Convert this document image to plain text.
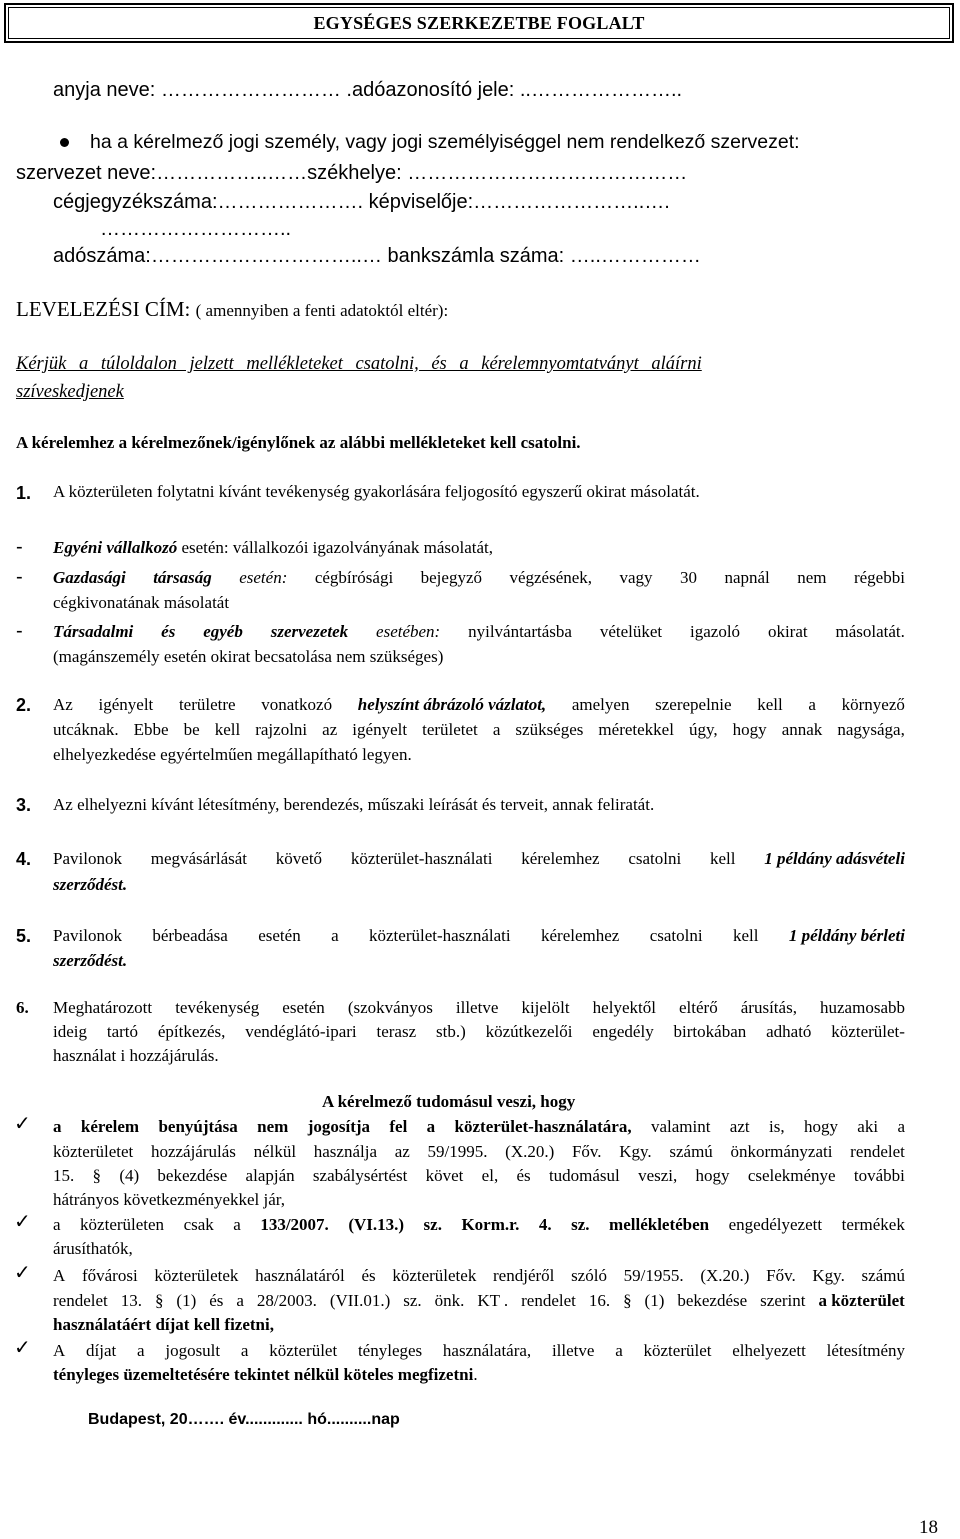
EGYSÉGES SZERKEZETBE FOGLALT
anyja neve: ……………………… .adóazonosító jele: ..…………………..
ha a kérelmező jogi személy, vagy jogi személyiséggel nem rendelkező szervezet:
szervezet neve:……………..……székhelye: ……………………………………
cégjegyzékszáma:…………………. képviselője:……………………..….
………………………..
adószáma:…………………………..… bankszámla száma: …..……………
LEVELEZÉSI CÍM: ( amennyiben a fenti adatoktól eltér):
Kérjük a túloldalon jelzett mellékleteket csatolni, és a kérelemnyomtatványt aláírni
szíveskedjenek
A kérelemhez a kérelmezőnek/igénylőnek az alábbi mellékleteket kell csatolni.
1. A közterületen folytatni kívánt tevékenység gyakorlására feljogosító egyszerű okirat másolatát.
- Egyéni vállalkozó esetén: vállalkozói igazolványának másolatát,
- Gazdasági társaság esetén: cégbírósági bejegyző végzésének, vagy 30 napnál nem régebbi
cégkivonatának másolatát
- Társadalmi és egyéb szervezetek esetében: nyilvántartásba vételüket igazoló okirat másolatát.
(magánszemély esetén okirat becsatolása nem szükséges)
2. Az igényelt területre vonatkozó helyszínt ábrázoló vázlatot, amelyen szerepelnie kell a környező
utcáknak. Ebbe be kell rajzolni az igényelt területet a szükséges méretekkel úgy, hogy annak nagysága,
elhelyezkedése egyértelműen megállapítható legyen.
3. Az elhelyezni kívánt létesítmény, berendezés, műszaki leírását és terveit, annak feliratát.
4. Pavilonok megvásárlását követő közterület-használati kérelemhez csatolni kell 1 példány adásvételi
szerződést.
5. Pavilonok bérbeadása esetén a közterület-használati kérelemhez csatolni kell 1 példány bérleti
szerződést.
6. Meghatározott tevékenység esetén (szokványos illetve kijelölt helyektől eltérő árusítás, huzamosabb
ideig tartó építkezés, vendéglátó-ipari terasz stb.) közútkezelői engedély birtokában adható közterület-
használat i hozzájárulás.
A kérelmező tudomásul veszi, hogy
✓ a kérelem benyújtása nem jogosítja fel a közterület-használatára, valamint azt is, hogy aki a
közterületet hozzájárulás nélkül használja az 59/1995. (X.20.) Főv. Kgy. számú önkormányzati rendelet
15. § (4) bekezdése alapján szabálysértést követ el, és tudomásul veszi, hogy cselekménye további
hátrányos következményekkel jár,
✓ a közterületen csak a 133/2007. (VI.13.) sz. Korm.r. 4. sz. mellékletében engedélyezett termékek
árusíthatók,
✓ A fővárosi közterületek használatáról és közterületek rendjéről szóló 59/1955. (X.20.) Főv. Kgy. számú
rendelet 13. § (1) és a 28/2003. (VII.01.) sz. önk. KT . rendelet 16. § (1) bekezdése szerint a közterület
használatáért díjat kell fizetni,
✓ A díjat a jogosult a közterület tényleges használatára, illetve a közterület elhelyezett létesítmény
tényleges üzemeltetésére tekintet nélkül köteles megfizetni.
Budapest, 20……. év............. hó..........nap
18
